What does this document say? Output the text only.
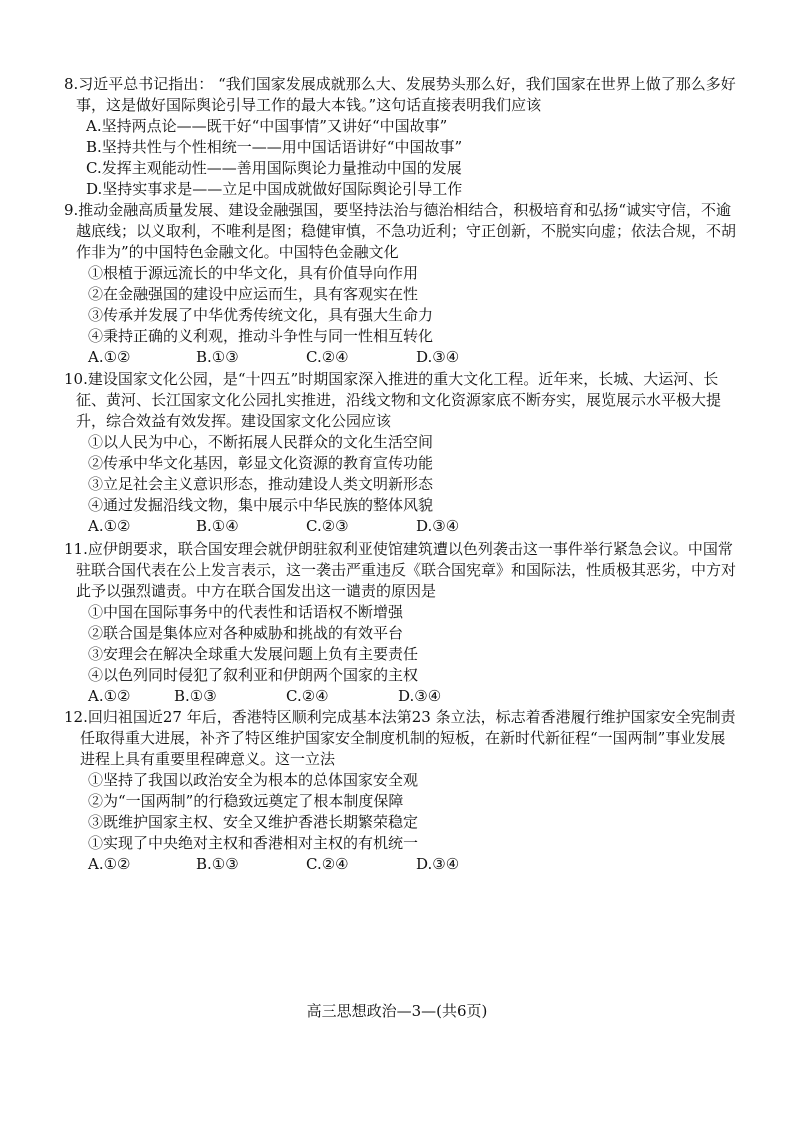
8.习近平总书记指出： “我们国家发展成就那么大、发展势头那么好，我们国家在世界上做了那么多好事，这是做好国际舆论引导工作的最大本钱。”这句话直接表明我们应该

A.坚持两点论——既干好“中国事情”又讲好“中国故事”

B.坚持共性与个性相统一——用中国话语讲好“中国故事”

C.发挥主观能动性——善用国际舆论力量推动中国的发展

D.坚持实事求是——立足中国成就做好国际舆论引导工作

9.推动金融高质量发展、建设金融强国，要坚持法治与德治相结合，积极培育和弘扬“诚实守信，不逾越底线；以义取利，不唯利是图；稳健审慎，不急功近利；守正创新，不脱实向虚；依法合规，不胡作非为”的中国特色金融文化。中国特色金融文化

①根植于源远流长的中华文化，具有价值导向作用

②在金融强国的建设中应运而生，具有客观实在性

③传承并发展了中华优秀传统文化，具有强大生命力

④秉持正确的义利观，推动斗争性与同一性相互转化

A.①②	B.①③	C.②④	D.③④

10.建设国家文化公园，是“十四五”时期国家深入推进的重大文化工程。近年来，长城、大运河、长征、黄河、长江国家文化公园扎实推进，沿线文物和文化资源家底不断夯实，展览展示水平极大提升，综合效益有效发挥。建设国家文化公园应该

①以人民为中心，不断拓展人民群众的文化生活空间

②传承中华文化基因，彰显文化资源的教育宣传功能

③立足社会主义意识形态，推动建设人类文明新形态

④通过发掘沿线文物，集中展示中华民族的整体风貌

A.①②	B.①④	C.②③	D.③④

11.应伊朗要求，联合国安理会就伊朗驻叙利亚使馆建筑遭以色列袭击这一事件举行紧急会议。中国常驻联合国代表在公上发言表示，这一袭击严重违反《联合国宪章》和国际法，性质极其恶劣，中方对此予以强烈谴责。中方在联合国发出这一谴责的原因是

①中国在国际事务中的代表性和话语权不断增强

②联合国是集体应对各种威胁和挑战的有效平台

③安理会在解决全球重大发展问题上负有主要责任

④以色列同时侵犯了叙利亚和伊朗两个国家的主权

A.①②	B.①③	C.②④	D.③④

12.回归祖国近27 年后，香港特区顺利完成基本法第23 条立法，标志着香港履行维护国家安全宪制责任取得重大进展，补齐了特区维护国家安全制度机制的短板，在新时代新征程“一国两制”事业发展进程上具有重要里程碑意义。这一立法

①坚持了我国以政治安全为根本的总体国家安全观

②为“一国两制”的行稳致远奠定了根本制度保障

③既维护国家主权、安全又维护香港长期繁荣稳定

①实现了中央绝对主权和香港相对主权的有机统一

A.①②	B.①③	C.②④	D.③④
高三思想政治—3—(共6页)
